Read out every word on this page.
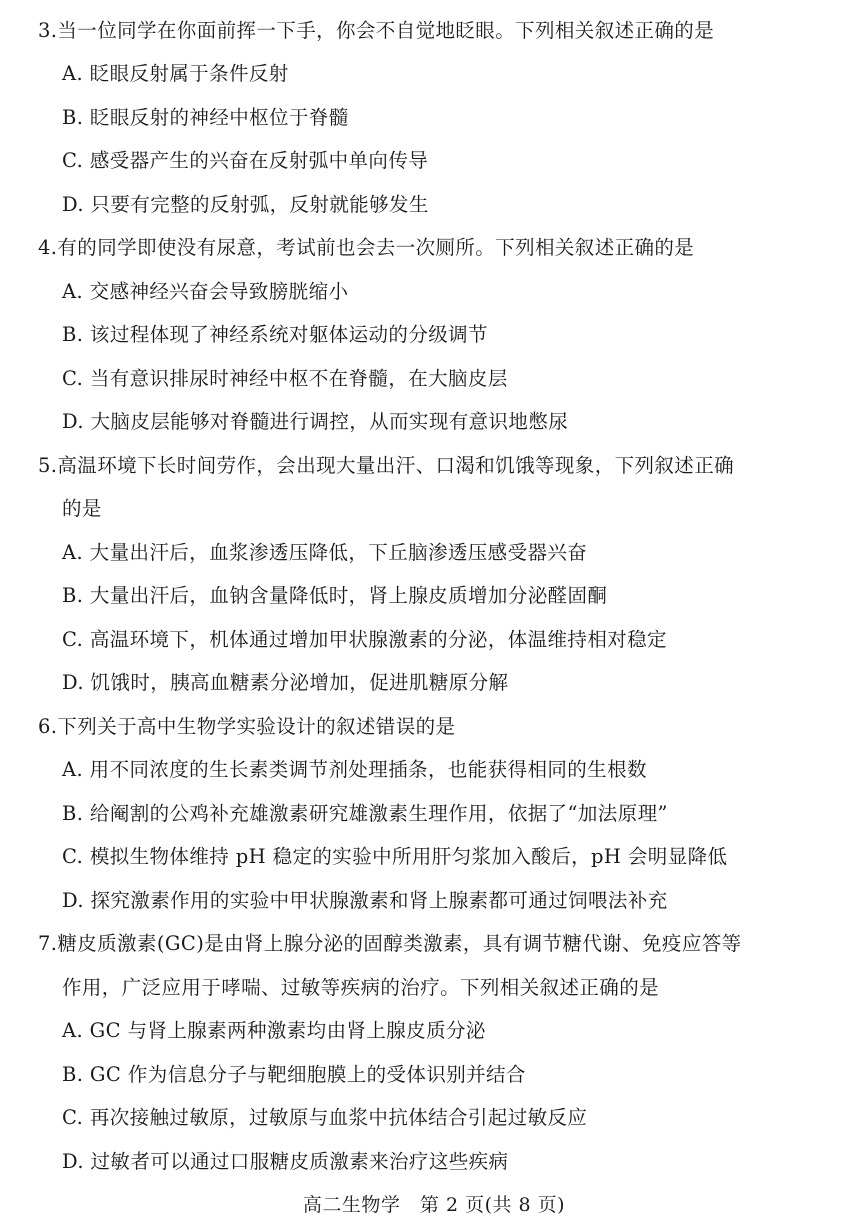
3.当一位同学在你面前挥一下手，你会不自觉地眨眼。下列相关叙述正确的是
A. 眨眼反射属于条件反射
B. 眨眼反射的神经中枢位于脊髓
C. 感受器产生的兴奋在反射弧中单向传导
D. 只要有完整的反射弧，反射就能够发生
4.有的同学即使没有尿意，考试前也会去一次厕所。下列相关叙述正确的是
A. 交感神经兴奋会导致膀胱缩小
B. 该过程体现了神经系统对躯体运动的分级调节
C. 当有意识排尿时神经中枢不在脊髓，在大脑皮层
D. 大脑皮层能够对脊髓进行调控，从而实现有意识地憋尿
5.高温环境下长时间劳作，会出现大量出汗、口渴和饥饿等现象，下列叙述正确
的是
A. 大量出汗后，血浆渗透压降低，下丘脑渗透压感受器兴奋
B. 大量出汗后，血钠含量降低时，肾上腺皮质增加分泌醛固酮
C. 高温环境下，机体通过增加甲状腺激素的分泌，体温维持相对稳定
D. 饥饿时，胰高血糖素分泌增加，促进肌糖原分解
6.下列关于高中生物学实验设计的叙述错误的是
A. 用不同浓度的生长素类调节剂处理插条，也能获得相同的生根数
B. 给阉割的公鸡补充雄激素研究雄激素生理作用，依据了“加法原理”
C. 模拟生物体维持 pH 稳定的实验中所用肝匀浆加入酸后，pH 会明显降低
D. 探究激素作用的实验中甲状腺激素和肾上腺素都可通过饲喂法补充
7.糖皮质激素(GC)是由肾上腺分泌的固醇类激素，具有调节糖代谢、免疫应答等
作用，广泛应用于哮喘、过敏等疾病的治疗。下列相关叙述正确的是
A. GC 与肾上腺素两种激素均由肾上腺皮质分泌
B. GC 作为信息分子与靶细胞膜上的受体识别并结合
C. 再次接触过敏原，过敏原与血浆中抗体结合引起过敏反应
D. 过敏者可以通过口服糖皮质激素来治疗这些疾病
高二生物学　第 2 页(共 8 页)
